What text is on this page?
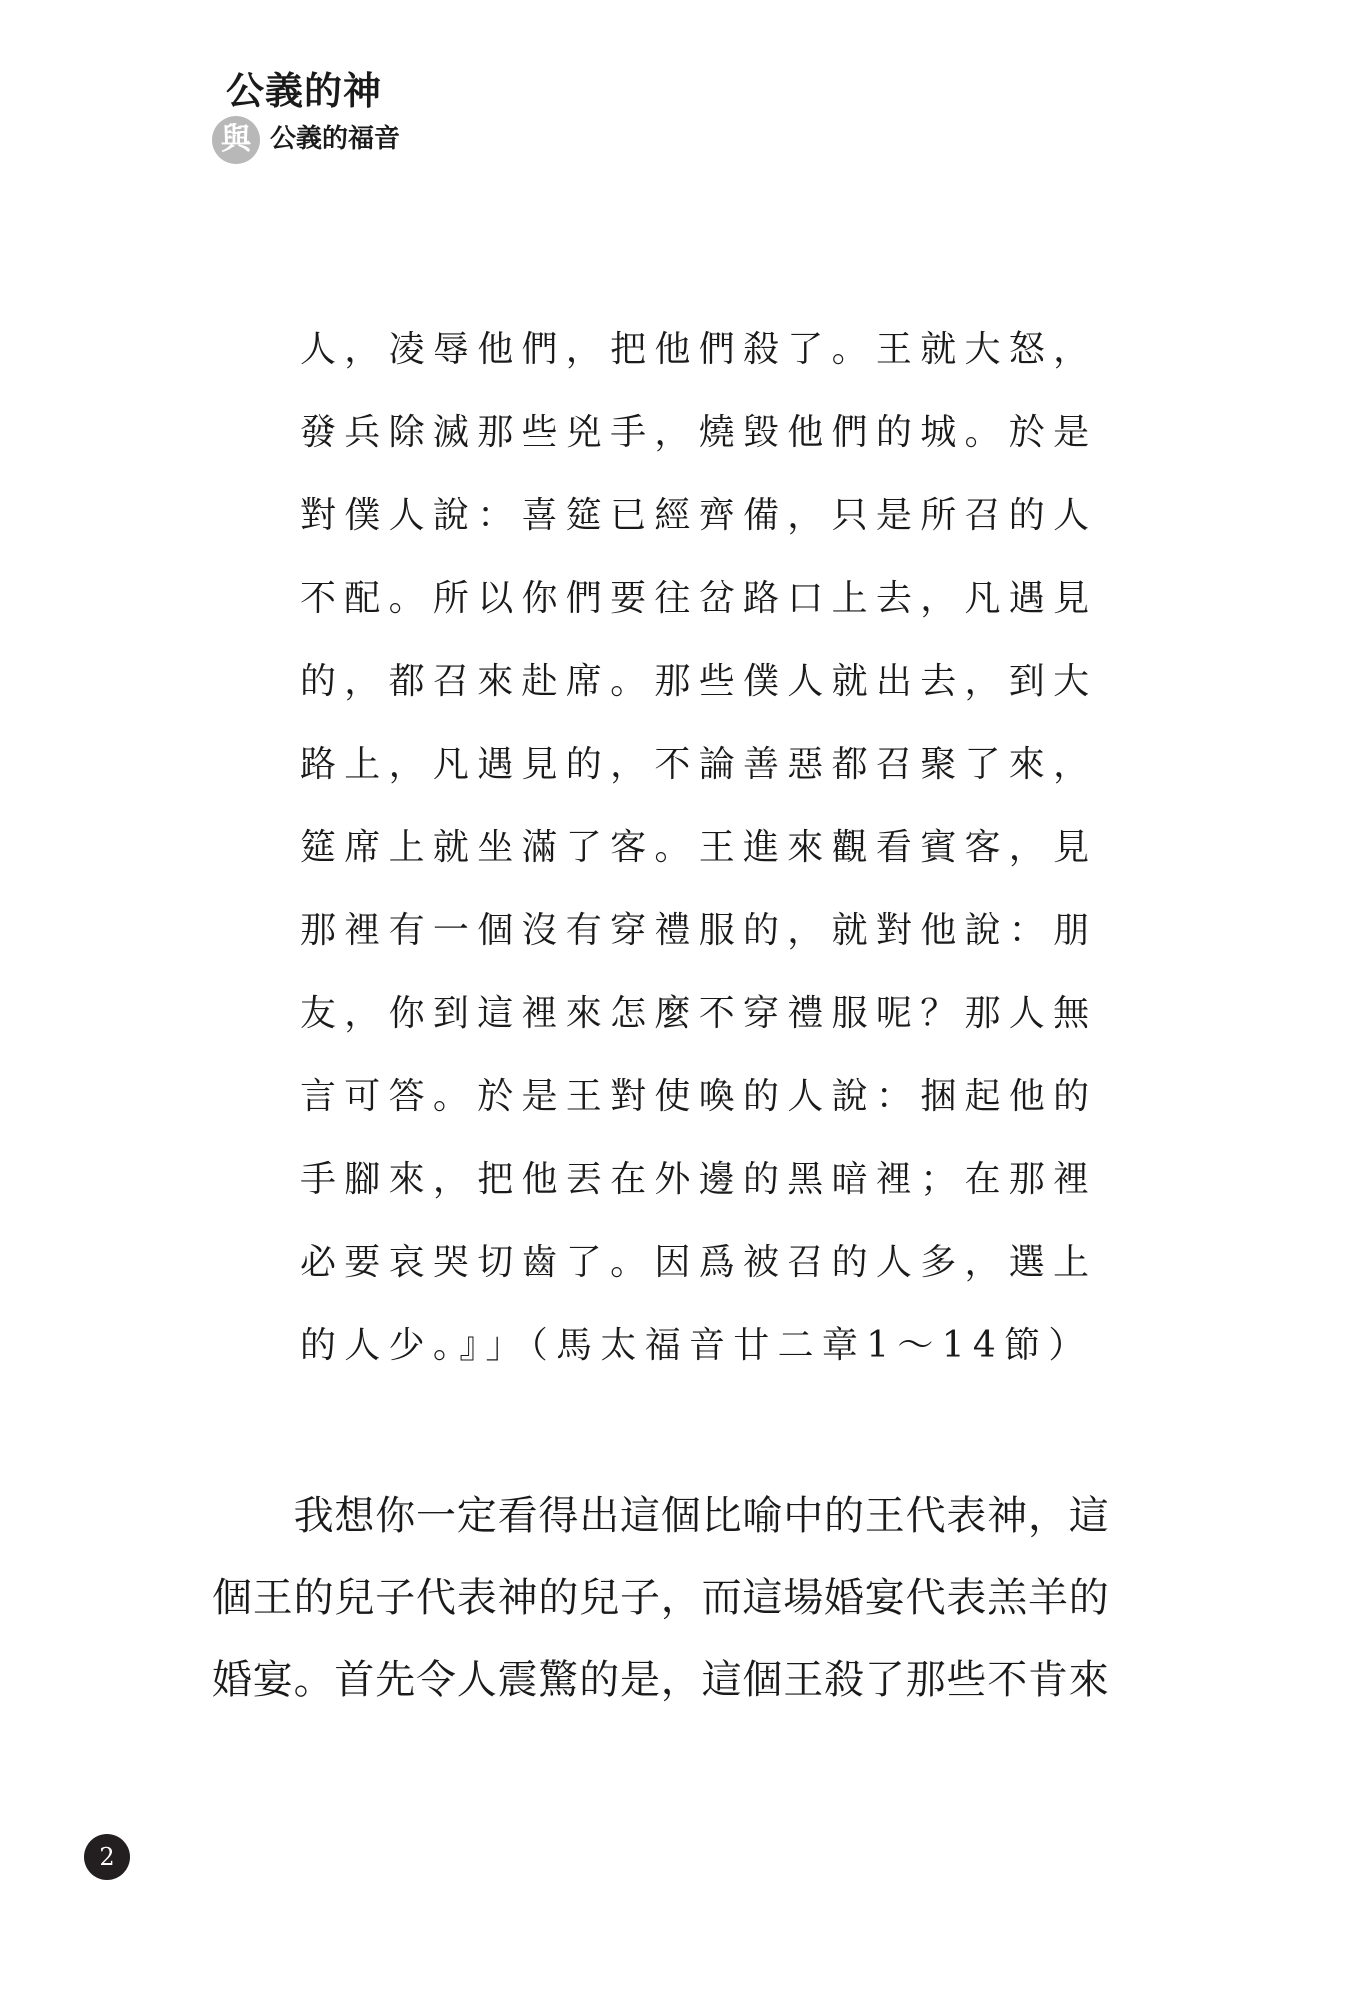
公義的神
與 公義的福音
人，凌辱他們，把他們殺了。王就大怒，
發兵除滅那些兇手，燒毀他們的城。於是
對僕人說：喜筵已經齊備，只是所召的人
不配。所以你們要往岔路口上去，凡遇見
的，都召來赴席。那些僕人就出去，到大
路上，凡遇見的，不論善惡都召聚了來，
筵席上就坐滿了客。王進來觀看賓客，見
那裡有一個沒有穿禮服的，就對他說：朋
友，你到這裡來怎麼不穿禮服呢？那人無
言可答。於是王對使喚的人說：捆起他的
手腳來，把他丟在外邊的黑暗裡；在那裡
必要哀哭切齒了。因爲被召的人多，選上
的人少。』」（馬太福音廿二章1～14節）
　　我想你一定看得出這個比喻中的王代表神，這
個王的兒子代表神的兒子，而這場婚宴代表羔羊的
婚宴。首先令人震驚的是，這個王殺了那些不肯來
2
